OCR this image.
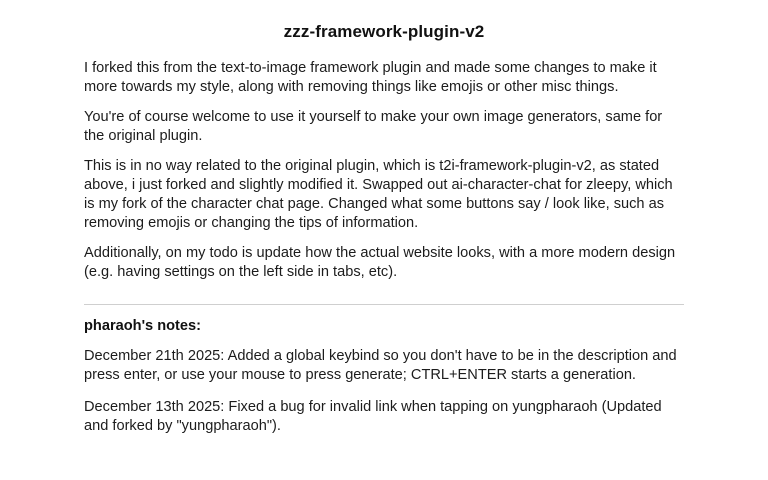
zzz-framework-plugin-v2

I forked this from the text-to-image framework plugin and made some changes to make it more towards my style, along with removing things like emojis or other misc things.

You're of course welcome to use it yourself to make your own image generators, same for the original plugin.

This is in no way related to the original plugin, which is t2i-framework-plugin-v2, as stated above, i just forked and slightly modified it. Swapped out ai-character-chat for zleepy, which is my fork of the character chat page. Changed what some buttons say / look like, such as removing emojis or changing the tips of information.

Additionally, on my todo is update how the actual website looks, with a more modern design (e.g. having settings on the left side in tabs, etc).

pharaoh's notes:

December 21th 2025: Added a global keybind so you don't have to be in the description and press enter, or use your mouse to press generate; CTRL+ENTER starts a generation.

December 13th 2025: Fixed a bug for invalid link when tapping on yungpharaoh (Updated and forked by "yungpharaoh").
